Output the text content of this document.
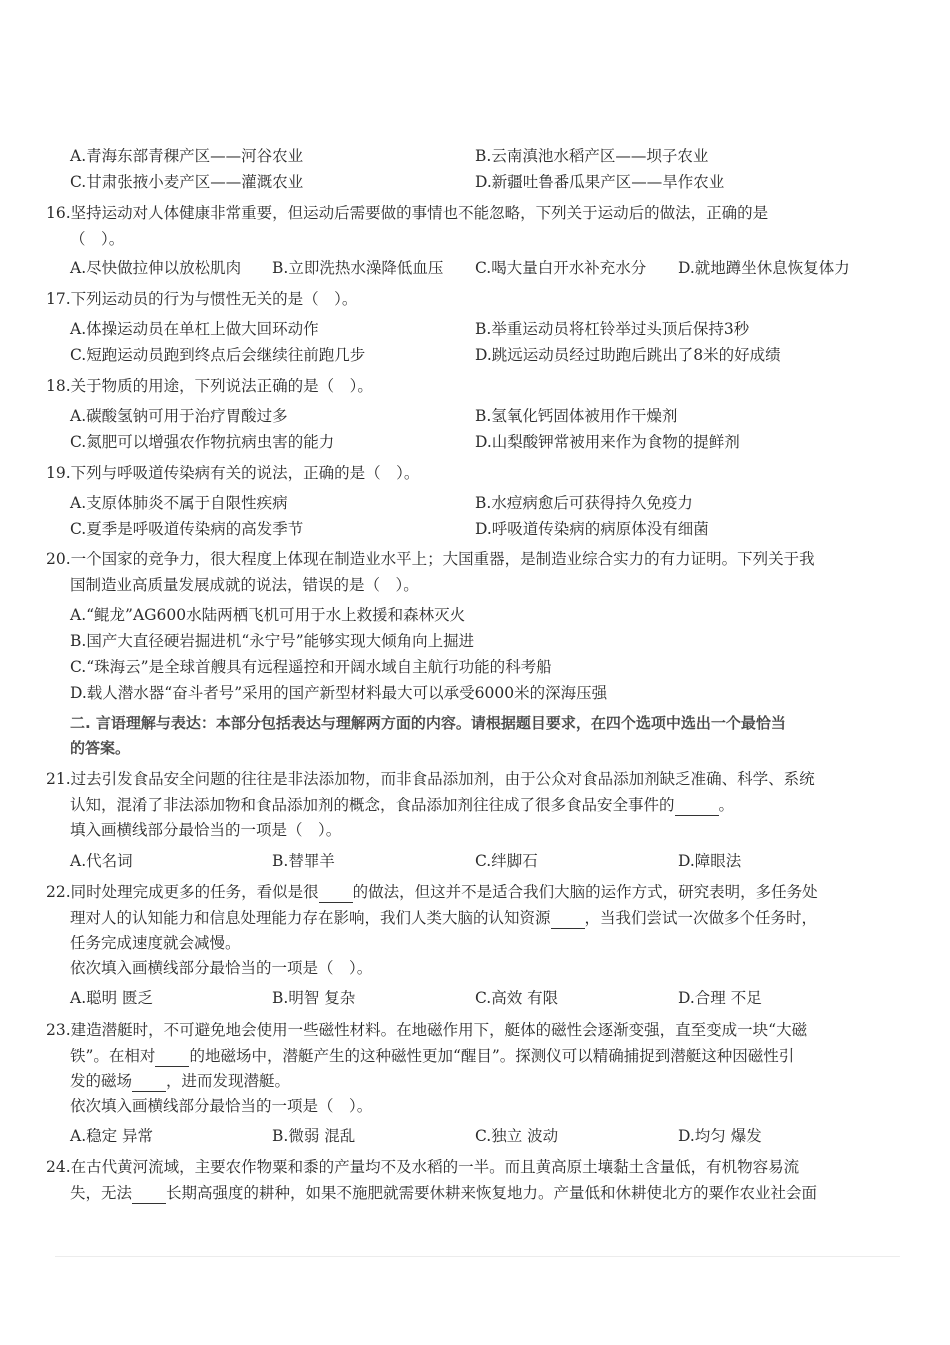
A.青海东部青稞产区——河谷农业	B.云南滇池水稻产区——坝子农业
C.甘肃张掖小麦产区——灌溉农业	D.新疆吐鲁番瓜果产区——旱作农业
16.坚持运动对人体健康非常重要，但运动后需要做的事情也不能忽略，下列关于运动后的做法，正确的是
（　）。
A.尽快做拉伸以放松肌肉 B.立即洗热水澡降低血压 C.喝大量白开水补充水分 D.就地蹲坐休息恢复体力
17.下列运动员的行为与惯性无关的是（　）。
A.体操运动员在单杠上做大回环动作	B.举重运动员将杠铃举过头顶后保持3秒
C.短跑运动员跑到终点后会继续往前跑几步	D.跳远运动员经过助跑后跳出了8米的好成绩
18.关于物质的用途，下列说法正确的是（　）。
A.碳酸氢钠可用于治疗胃酸过多	B.氢氧化钙固体被用作干燥剂
C.氮肥可以增强农作物抗病虫害的能力	D.山梨酸钾常被用来作为食物的提鲜剂
19.下列与呼吸道传染病有关的说法，正确的是（　）。
A.支原体肺炎不属于自限性疾病	B.水痘病愈后可获得持久免疫力
C.夏季是呼吸道传染病的高发季节	D.呼吸道传染病的病原体没有细菌
20.一个国家的竞争力，很大程度上体现在制造业水平上；大国重器，是制造业综合实力的有力证明。下列关于我
国制造业高质量发展成就的说法，错误的是（　）。
A.“鲲龙”AG600水陆两栖飞机可用于水上救援和森林灭火
B.国产大直径硬岩掘进机“永宁号”能够实现大倾角向上掘进
C.“珠海云”是全球首艘具有远程遥控和开阔水域自主航行功能的科考船
D.载人潜水器“奋斗者号”采用的国产新型材料最大可以承受6000米的深海压强
二. 言语理解与表达：本部分包括表达与理解两方面的内容。请根据题目要求，在四个选项中选出一个最恰当
的答案。
21.过去引发食品安全问题的往往是非法添加物，而非食品添加剂，由于公众对食品添加剂缺乏准确、科学、系统
认知，混淆了非法添加物和食品添加剂的概念，食品添加剂往往成了很多食品安全事件的	。
填入画横线部分最恰当的一项是（　）。
A.代名词	B.替罪羊	C.绊脚石	D.障眼法
22.同时处理完成更多的任务，看似是很 的做法，但这并不是适合我们大脑的运作方式，研究表明，多任务处
理对人的认知能力和信息处理能力存在影响，我们人类大脑的认知资源 ，当我们尝试一次做多个任务时，
任务完成速度就会减慢。
依次填入画横线部分最恰当的一项是（　）。
A.聪明 匮乏	B.明智 复杂	C.高效 有限	D.合理 不足
23.建造潜艇时，不可避免地会使用一些磁性材料。在地磁作用下，艇体的磁性会逐渐变强，直至变成一块“大磁
铁”。在相对 的地磁场中，潜艇产生的这种磁性更加“醒目”。探测仪可以精确捕捉到潜艇这种因磁性引
发的磁场 ，进而发现潜艇。
依次填入画横线部分最恰当的一项是（　）。
A.稳定 异常	B.微弱 混乱	C.独立 波动	D.均匀 爆发
24.在古代黄河流域，主要农作物粟和黍的产量均不及水稻的一半。而且黄高原土壤黏土含量低，有机物容易流
失，无法 长期高强度的耕种，如果不施肥就需要休耕来恢复地力。产量低和休耕使北方的粟作农业社会面
